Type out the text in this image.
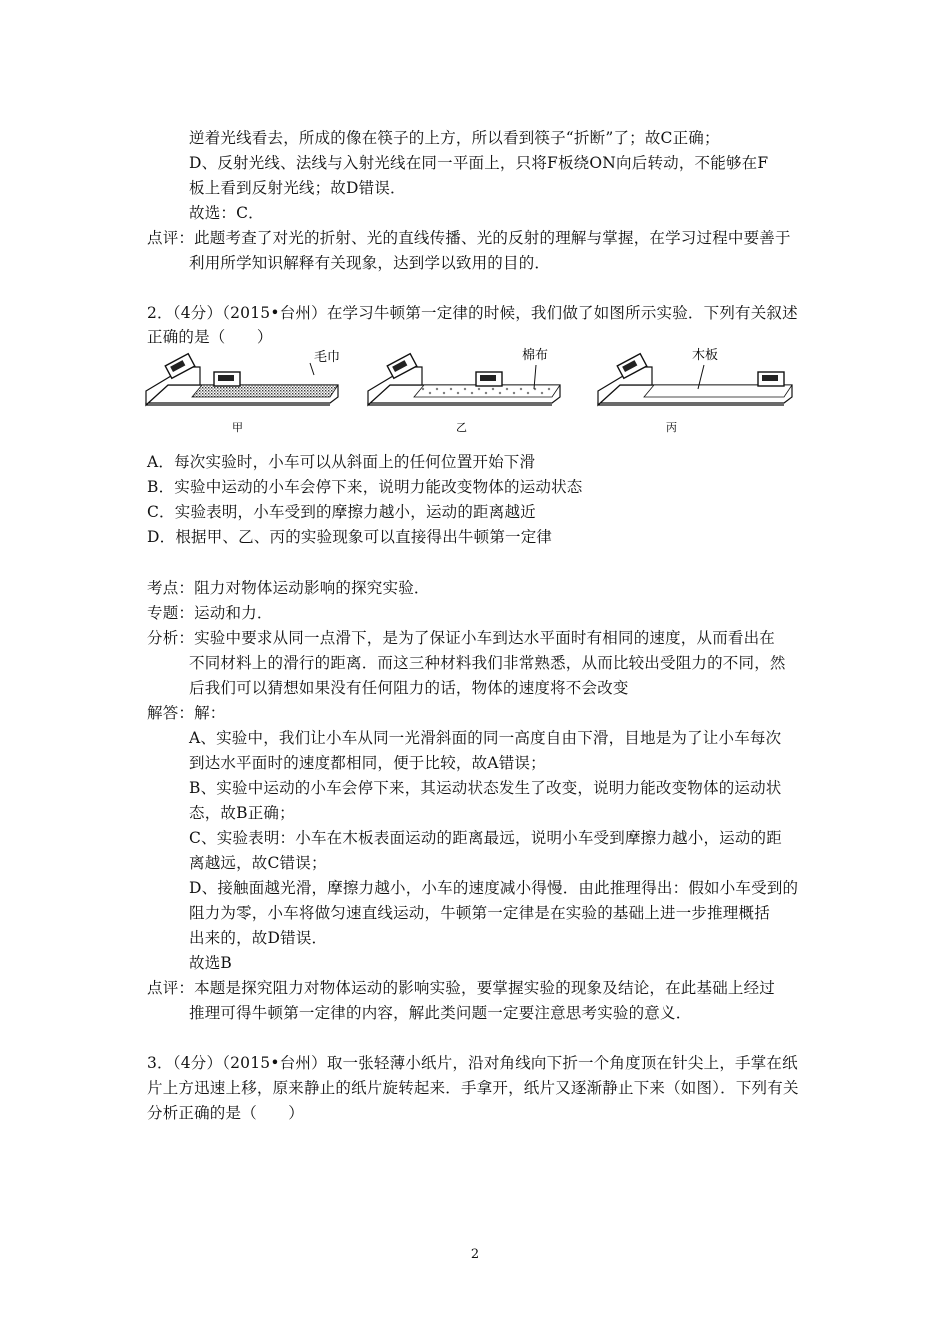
逆着光线看去，所成的像在筷子的上方，所以看到筷子“折断”了；故C正确；
D、反射光线、法线与入射光线在同一平面上，只将F板绕ON向后转动，不能够在F
板上看到反射光线；故D错误．
故选：C．
点评：此题考查了对光的折射、光的直线传播、光的反射的理解与掌握，在学习过程中要善于
利用所学知识解释有关现象，达到学以致用的目的．
2．（4分）（2015•台州）在学习牛顿第一定律的时候，我们做了如图所示实验．下列有关叙述
正确的是（　　）
毛巾
甲
棉布
乙
木板
丙
A．每次实验时，小车可以从斜面上的任何位置开始下滑
B．实验中运动的小车会停下来，说明力能改变物体的运动状态
C．实验表明，小车受到的摩擦力越小，运动的距离越近
D．根据甲、乙、丙的实验现象可以直接得出牛顿第一定律
考点：阻力对物体运动影响的探究实验．
专题：运动和力．
分析：实验中要求从同一点滑下，是为了保证小车到达水平面时有相同的速度，从而看出在
不同材料上的滑行的距离．而这三种材料我们非常熟悉，从而比较出受阻力的不同，然
后我们可以猜想如果没有任何阻力的话，物体的速度将不会改变
解答：解：
A、实验中，我们让小车从同一光滑斜面的同一高度自由下滑，目地是为了让小车每次
到达水平面时的速度都相同，便于比较，故A错误；
B、实验中运动的小车会停下来，其运动状态发生了改变，说明力能改变物体的运动状
态，故B正确；
C、实验表明：小车在木板表面运动的距离最远，说明小车受到摩擦力越小，运动的距
离越远，故C错误；
D、接触面越光滑，摩擦力越小，小车的速度减小得慢．由此推理得出：假如小车受到的
阻力为零，小车将做匀速直线运动，牛顿第一定律是在实验的基础上进一步推理概括
出来的，故D错误．
故选B
点评：本题是探究阻力对物体运动的影响实验，要掌握实验的现象及结论，在此基础上经过
推理可得牛顿第一定律的内容，解此类问题一定要注意思考实验的意义．
3．（4分）（2015•台州）取一张轻薄小纸片，沿对角线向下折一个角度顶在针尖上，手掌在纸
片上方迅速上移，原来静止的纸片旋转起来．手拿开，纸片又逐渐静止下来（如图）．下列有关
分析正确的是（　　）
2
